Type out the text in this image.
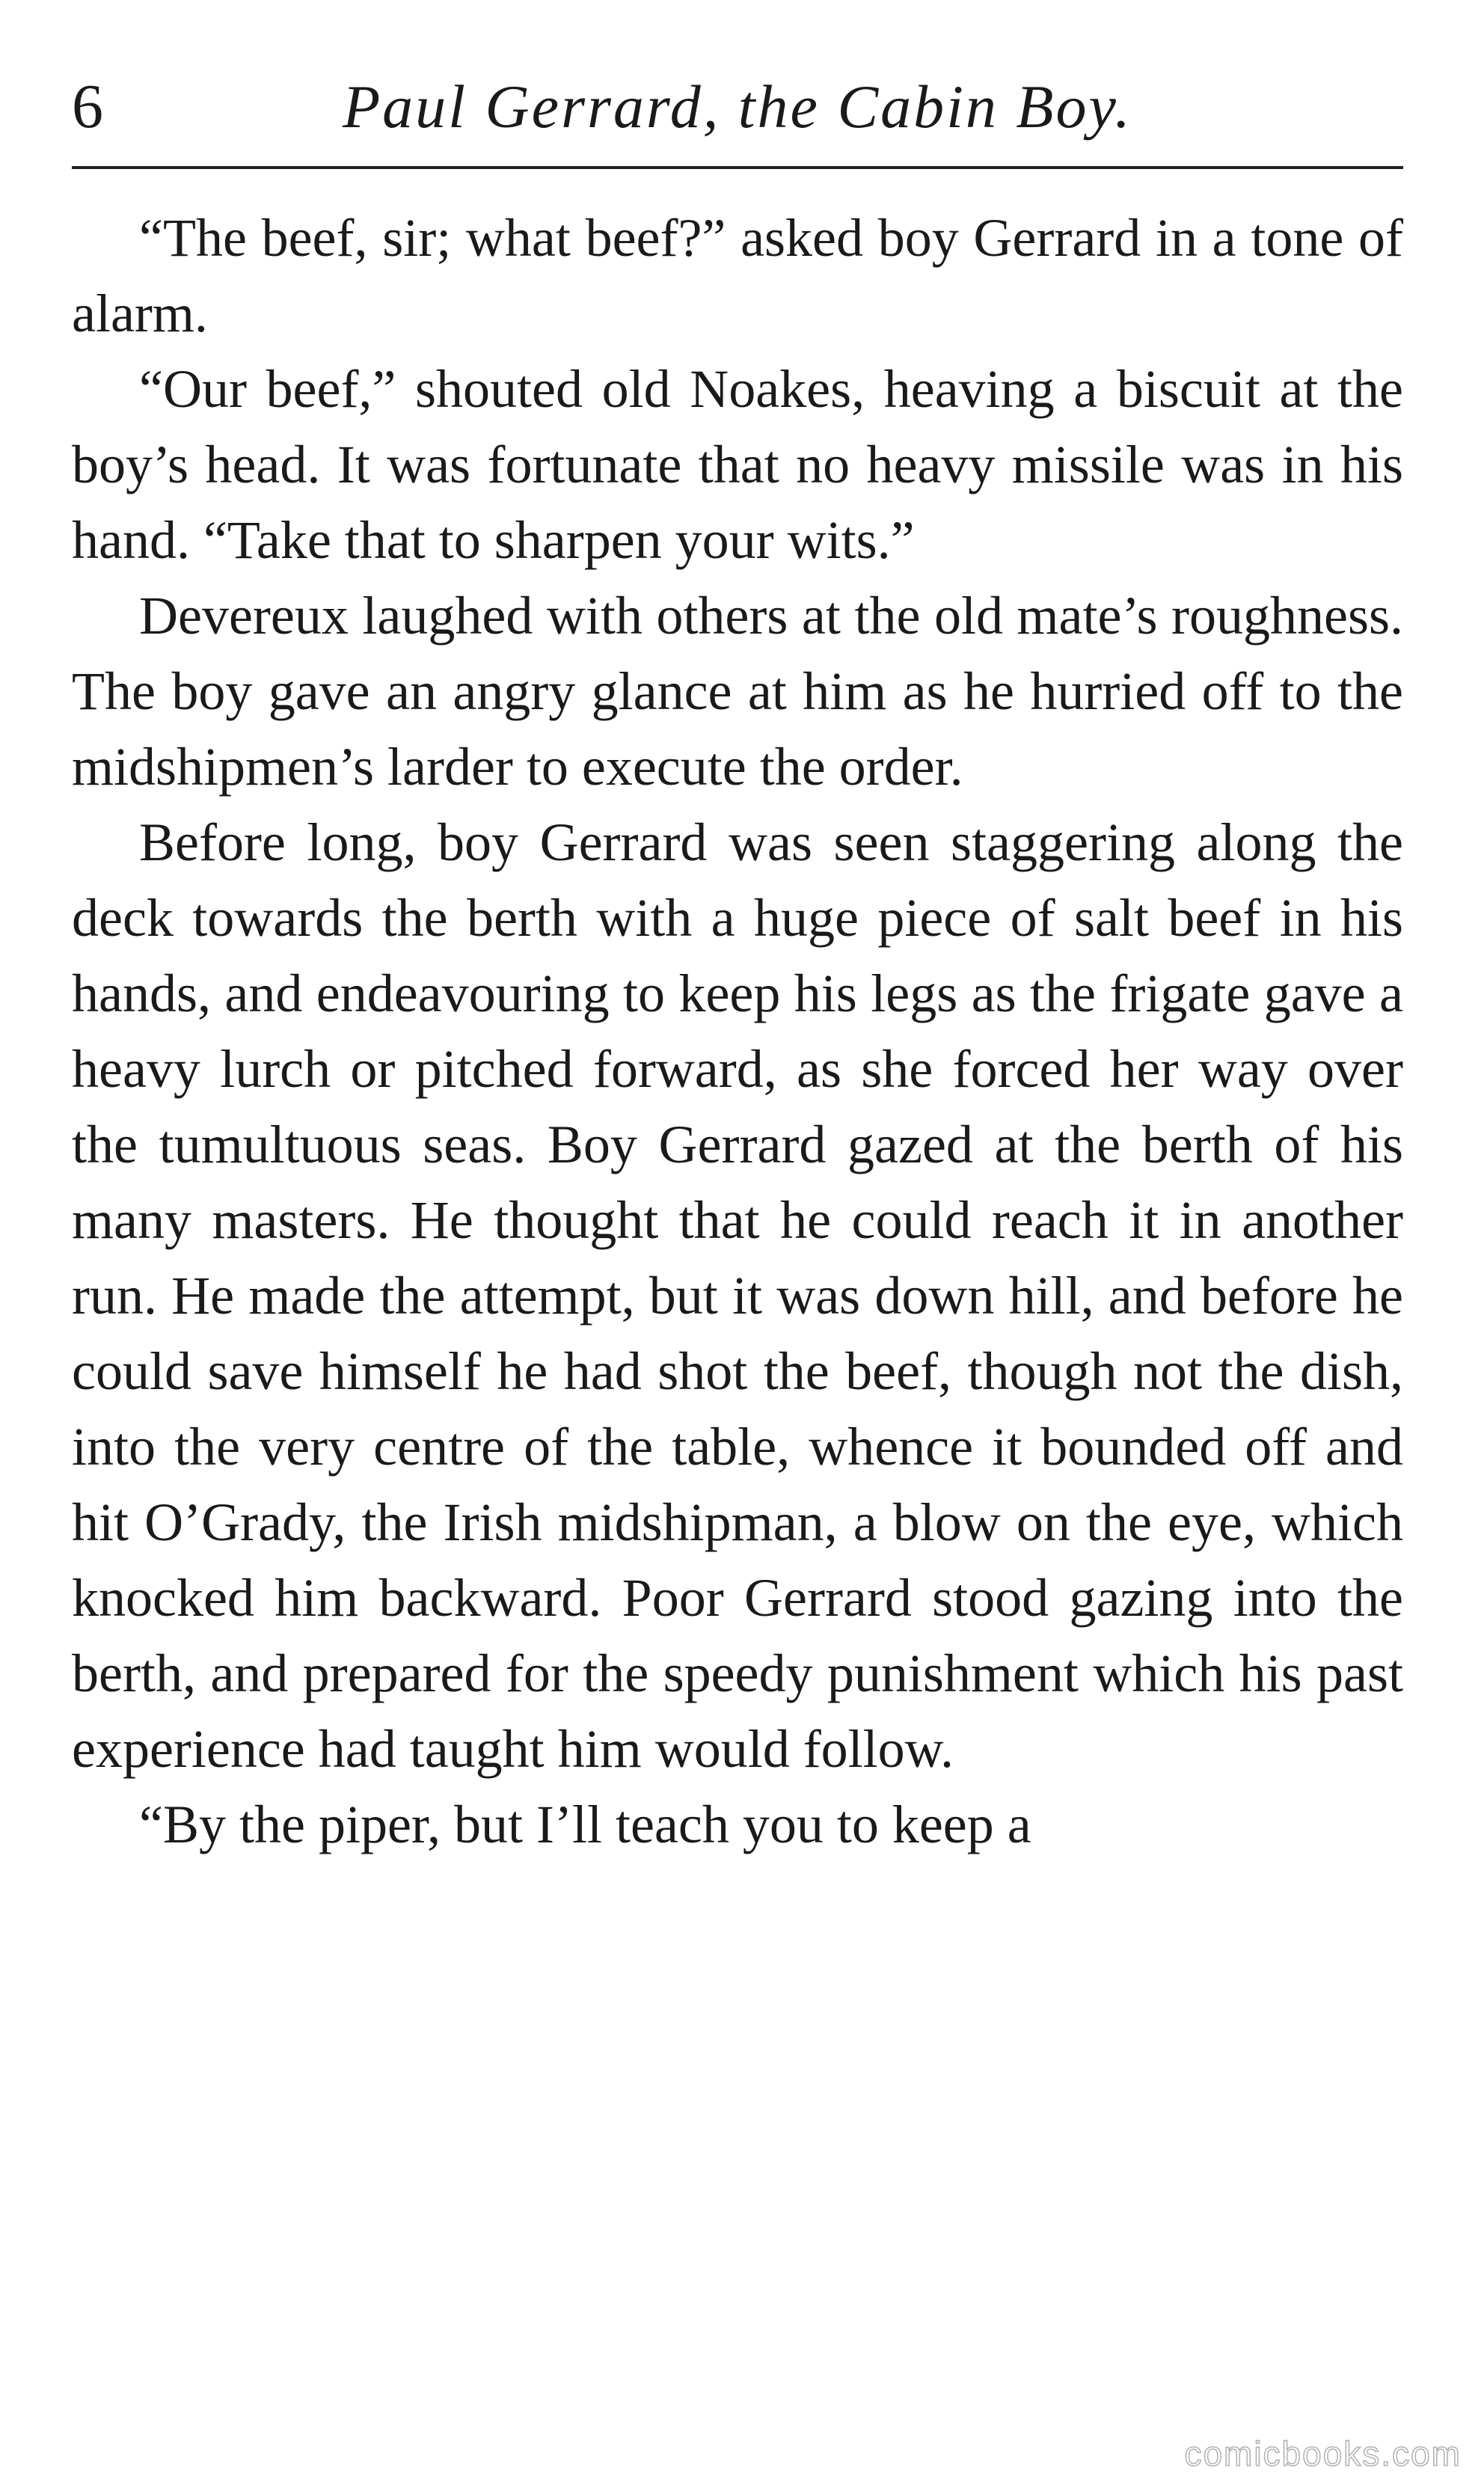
6	Paul Gerrard, the Cabin Boy.

“The beef, sir; what beef?” asked boy Gerrard in a tone of alarm.

“Our beef,” shouted old Noakes, heaving a biscuit at the boy’s head. It was fortunate that no heavy missile was in his hand. “Take that to sharpen your wits.”

Devereux laughed with others at the old mate’s roughness. The boy gave an angry glance at him as he hurried off to the midshipmen’s larder to execute the order.

Before long, boy Gerrard was seen staggering along the deck towards the berth with a huge piece of salt beef in his hands, and endeavouring to keep his legs as the frigate gave a heavy lurch or pitched forward, as she forced her way over the tumultuous seas. Boy Gerrard gazed at the berth of his many masters. He thought that he could reach it in another run. He made the attempt, but it was down hill, and before he could save himself he had shot the beef, though not the dish, into the very centre of the table, whence it bounded off and hit O’Grady, the Irish midshipman, a blow on the eye, which knocked him backward. Poor Gerrard stood gazing into the berth, and prepared for the speedy punishment which his past experience had taught him would follow.

“By the piper, but I’ll teach you to keep a

comicbooks.com
